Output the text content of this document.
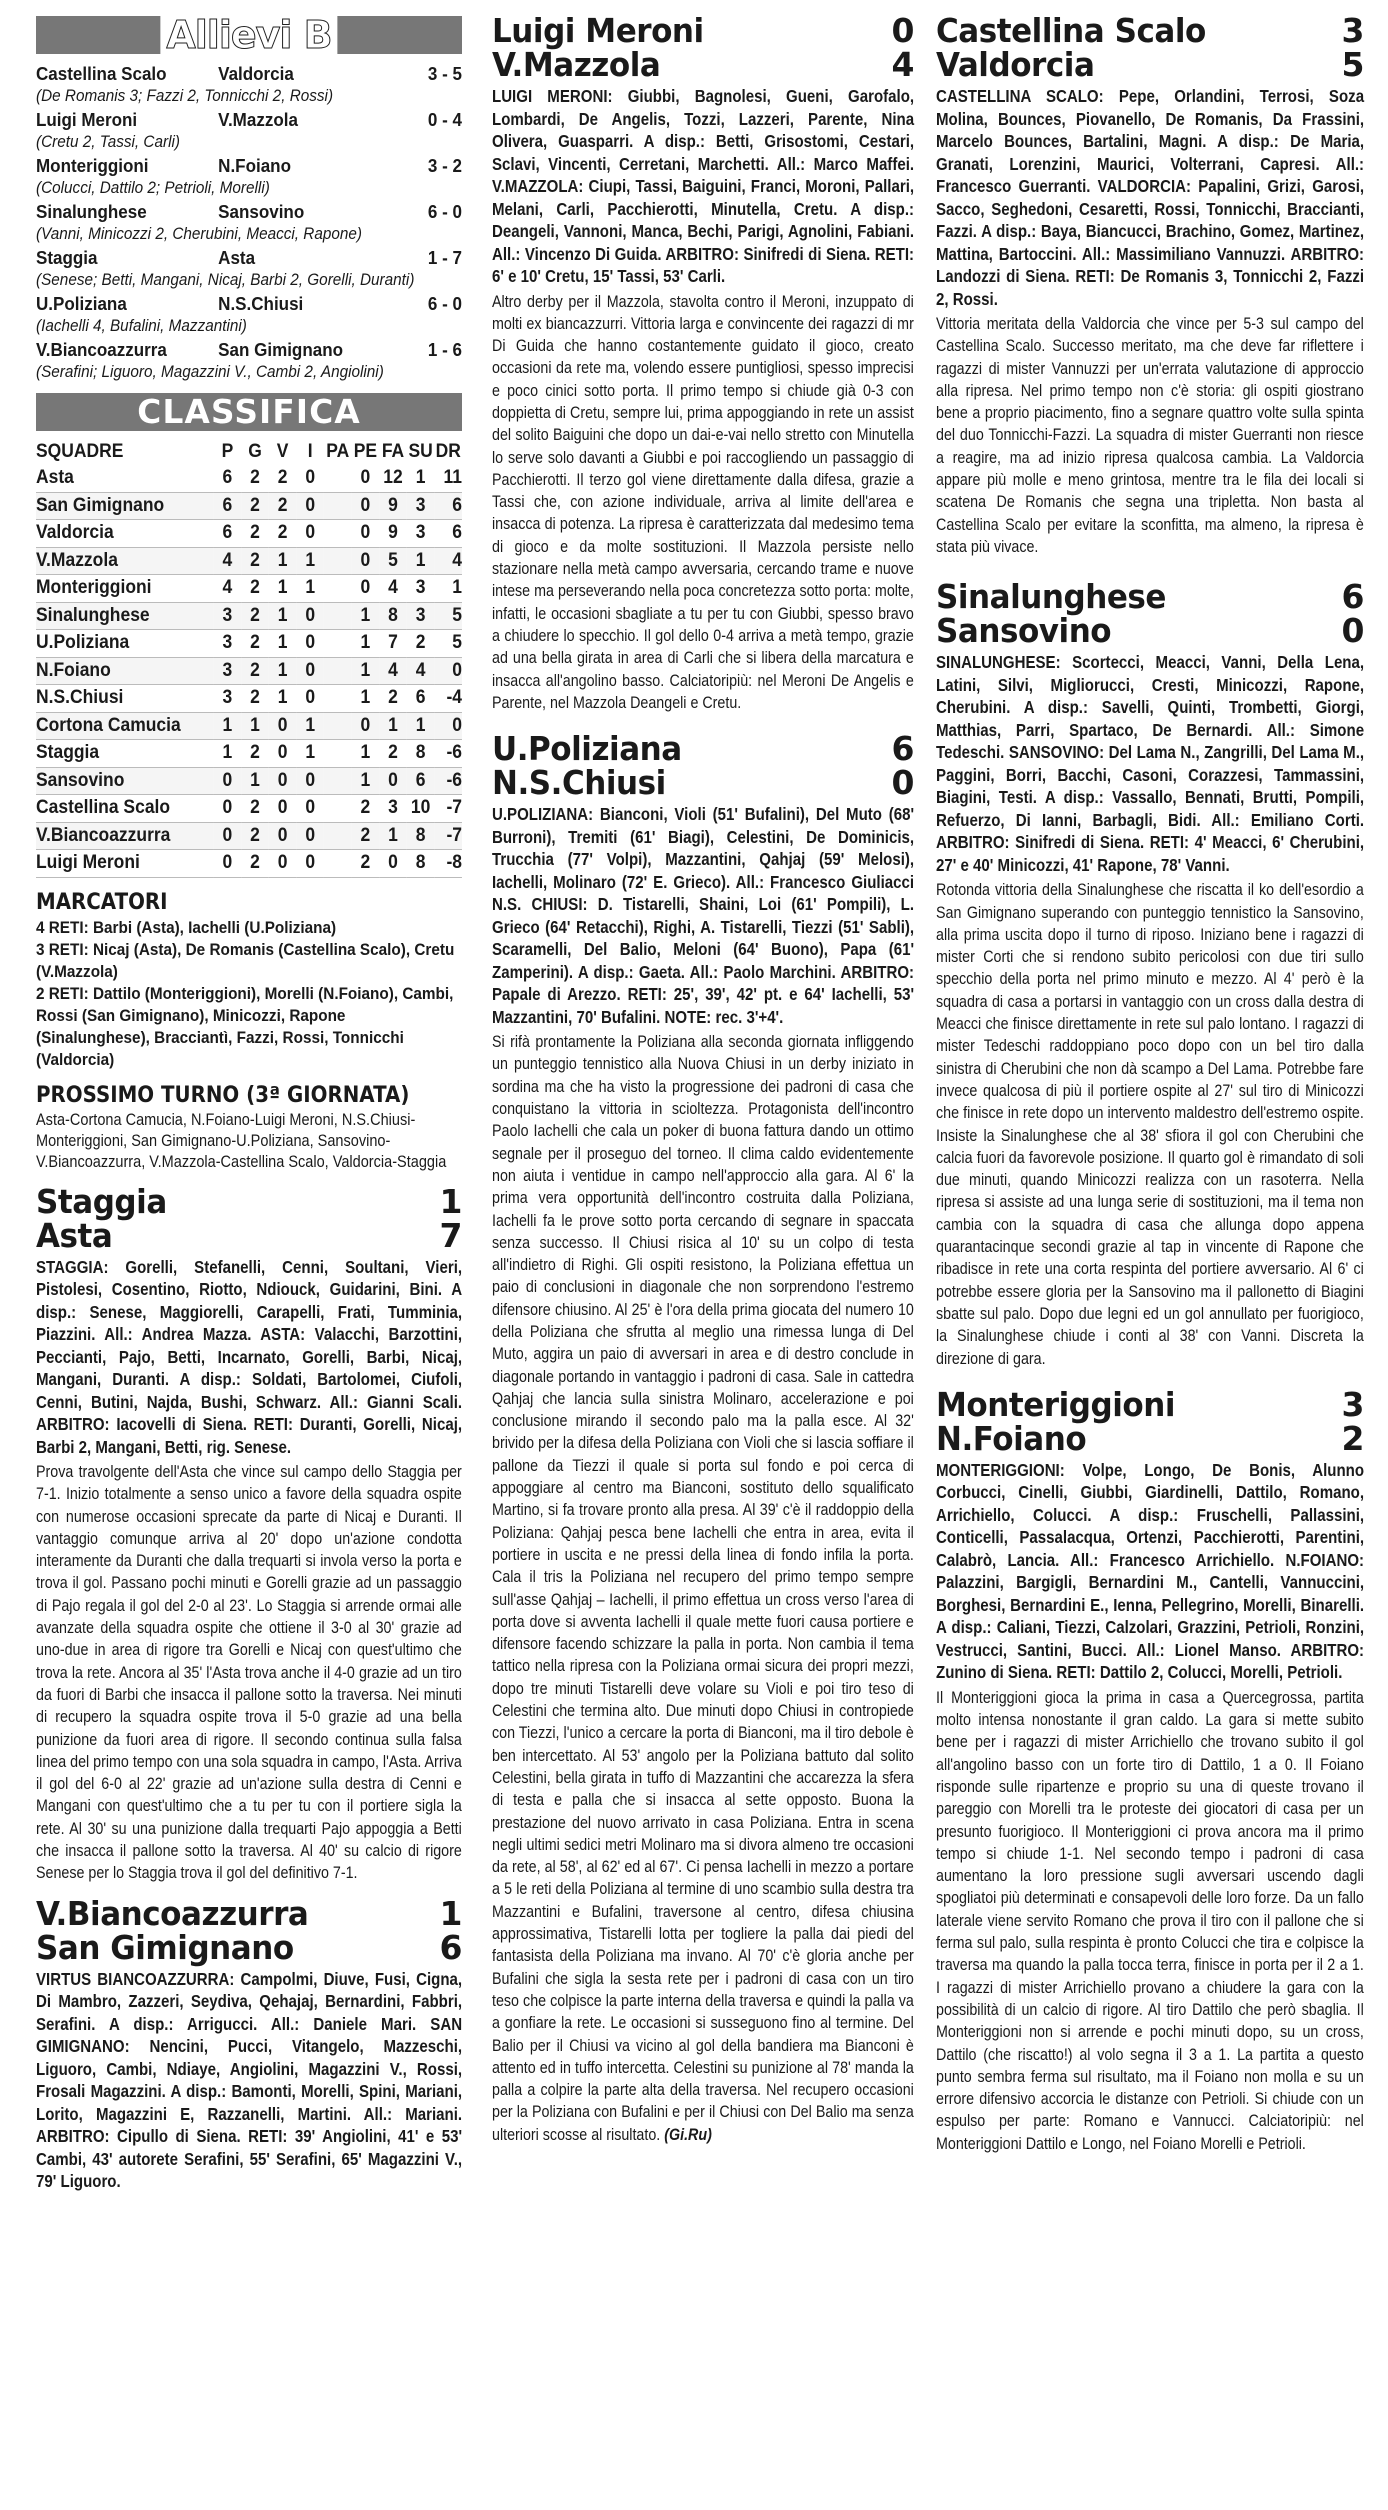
Allievi B
Castellina Scalo	Valdorcia	3 - 5
(De Romanis 3; Fazzi 2, Tonnicchi 2, Rossi)
Luigi Meroni	V.Mazzola	0 - 4
(Cretu 2, Tassi, Carli)
Monteriggioni	N.Foiano	3 - 2
(Colucci, Dattilo 2; Petrioli, Morelli)
Sinalunghese	Sansovino	6 - 0
(Vanni, Minicozzi 2, Cherubini, Meacci, Rapone)
Staggia	Asta	1 - 7
(Senese; Betti, Mangani, Nicaj, Barbi 2, Gorelli, Duranti)
U.Poliziana	N.S.Chiusi	6 - 0
(Iachelli 4, Bufalini, Mazzantini)
V.Biancoazzurra	San Gimignano	1 - 6
(Serafini; Liguoro, Magazzini V., Cambi 2, Angiolini)
CLASSIFICA
SQUADRE	P	G	V	I	PA	PE	FA	SU	DR
Asta	6	2	2	0		0	12	1	11
San Gimignano	6	2	2	0		0	9	3	6
Valdorcia	6	2	2	0		0	9	3	6
V.Mazzola	4	2	1	1		0	5	1	4
Monteriggioni	4	2	1	1		0	4	3	1
Sinalunghese	3	2	1	0		1	8	3	5
U.Poliziana	3	2	1	0		1	7	2	5
N.Foiano	3	2	1	0		1	4	4	0
N.S.Chiusi	3	2	1	0		1	2	6	-4
Cortona Camucia	1	1	0	1		0	1	1	0
Staggia	1	2	0	1		1	2	8	-6
Sansovino	0	1	0	0		1	0	6	-6
Castellina Scalo	0	2	0	0		2	3	10	-7
V.Biancoazzurra	0	2	0	0		2	1	8	-7
Luigi Meroni	0	2	0	0		2	0	8	-8
MARCATORI
4 RETI: Barbi (Asta), Iachelli (U.Poliziana)
3 RETI: Nicaj (Asta), De Romanis (Castellina Scalo), Cretu (V.Mazzola)
2 RETI: Dattilo (Monteriggioni), Morelli (N.Foiano), Cambi, Rossi (San Gimignano), Minicozzi, Rapone (Sinalunghese), Bracciantì, Fazzi, Rossi, Tonnicchi (Valdorcia)
PROSSIMO TURNO (3ª GIORNATA)
Asta-Cortona Camucia, N.Foiano-Luigi Meroni, N.S.Chiusi-Monteriggioni, San Gimignano-U.Poliziana, Sansovino-V.Biancoazzurra, V.Mazzola-Castellina Scalo, Valdorcia-Staggia
Staggia	1
Asta	7
STAGGIA: Gorelli, Stefanelli, Cenni, Soultani, Vieri, Pistolesi, Cosentino, Riotto, Ndiouck, Guidarini, Bini. A disp.: Senese, Maggiorelli, Carapelli, Frati, Tumminia, Piazzini. All.: Andrea Mazza. ASTA: Valacchi, Barzottini, Peccianti, Pajo, Betti, Incarnato, Gorelli, Barbi, Nicaj, Mangani, Duranti. A disp.: Soldati, Bartolomei, Ciufoli, Cenni, Butini, Najda, Bushi, Schwarz. All.: Gianni Scali. ARBITRO: Iacovelli di Siena. RETI: Duranti, Gorelli, Nicaj, Barbi 2, Mangani, Betti, rig. Senese.
Prova travolgente dell'Asta che vince sul campo dello Staggia per 7-1. Inizio totalmente a senso unico a favore della squadra ospite con numerose occasioni sprecate da parte di Nicaj e Duranti. Il vantaggio comunque arriva al 20' dopo un'azione condotta interamente da Duranti che dalla trequarti si invola verso la porta e trova il gol. Passano pochi minuti e Gorelli grazie ad un passaggio di Pajo regala il gol del 2-0 al 23'. Lo Staggia si arrende ormai alle avanzate della squadra ospite che ottiene il 3-0 al 30' grazie ad uno-due in area di rigore tra Gorelli e Nicaj con quest'ultimo che trova la rete. Ancora al 35' l'Asta trova anche il 4-0 grazie ad un tiro da fuori di Barbi che insacca il pallone sotto la traversa. Nei minuti di recupero la squadra ospite trova il 5-0 grazie ad una bella punizione da fuori area di rigore. Il secondo continua sulla falsa linea del primo tempo con una sola squadra in campo, l'Asta. Arriva il gol del 6-0 al 22' grazie ad un'azione sulla destra di Cenni e Mangani con quest'ultimo che a tu per tu con il portiere sigla la rete. Al 30' su una punizione dalla trequarti Pajo appoggia a Betti che insacca il pallone sotto la traversa. Al 40' su calcio di rigore Senese per lo Staggia trova il gol del definitivo 7-1.
V.Biancoazzurra	1
San Gimignano	6
VIRTUS BIANCOAZZURRA: Campolmi, Diuve, Fusi, Cigna, Di Mambro, Zazzeri, Seydiva, Qehajaj, Bernardini, Fabbri, Serafini. A disp.: Arrigucci. All.: Daniele Mari. SAN GIMIGNANO: Nencini, Pucci, Vitangelo, Mazzeschi, Liguoro, Cambi, Ndiaye, Angiolini, Magazzini V., Rossi, Frosali Magazzini. A disp.: Bamonti, Morelli, Spini, Mariani, Lorito, Magazzini E, Razzanelli, Martini. All.: Mariani. ARBITRO: Cipullo di Siena. RETI: 39' Angiolini, 41' e 53' Cambi, 43' autorete Serafini, 55' Serafini, 65' Magazzini V., 79' Liguoro.
Luigi Meroni	0
V.Mazzola	4
LUIGI MERONI: Giubbi, Bagnolesi, Gueni, Garofalo, Lombardi, De Angelis, Tozzi, Lazzeri, Parente, Nina Olivera, Guasparri. A disp.: Betti, Grisostomi, Cestari, Sclavi, Vincenti, Cerretani, Marchetti. All.: Marco Maffei. V.MAZZOLA: Ciupi, Tassi, Baiguini, Franci, Moroni, Pallari, Melani, Carli, Pacchierotti, Minutella, Cretu. A disp.: Deangeli, Vannoni, Manca, Bechi, Parigi, Agnolini, Fabiani. All.: Vincenzo Di Guida. ARBITRO: Sinifredi di Siena. RETI: 6' e 10' Cretu, 15' Tassi, 53' Carli.
Altro derby per il Mazzola, stavolta contro il Meroni, inzuppato di molti ex biancazzurri. Vittoria larga e convincente dei ragazzi di mr Di Guida che hanno costantemente guidato il gioco, creato occasioni da rete ma, volendo essere puntigliosi, spesso imprecisi e poco cinici sotto porta. Il primo tempo si chiude già 0-3 con doppietta di Cretu, sempre lui, prima appoggiando in rete un assist del solito Baiguini che dopo un dai-e-vai nello stretto con Minutella lo serve solo davanti a Giubbi e poi raccogliendo un passaggio di Pacchierotti. Il terzo gol viene direttamente dalla difesa, grazie a Tassi che, con azione individuale, arriva al limite dell'area e insacca di potenza. La ripresa è caratterizzata dal medesimo tema di gioco e da molte sostituzioni. Il Mazzola persiste nello stazionare nella metà campo avversaria, cercando trame e nuove intese ma perseverando nella poca concretezza sotto porta: molte, infatti, le occasioni sbagliate a tu per tu con Giubbi, spesso bravo a chiudere lo specchio. Il gol dello 0-4 arriva a metà tempo, grazie ad una bella girata in area di Carli che si libera della marcatura e insacca all'angolino basso. Calciatoripiù: nel Meroni De Angelis e Parente, nel Mazzola Deangeli e Cretu.
U.Poliziana	6
N.S.Chiusi	0
U.POLIZIANA: Bianconi, Violi (51' Bufalini), Del Muto (68' Burroni), Tremiti (61' Biagi), Celestini, De Dominicis, Trucchia (77' Volpi), Mazzantini, Qahjaj (59' Melosi), Iachelli, Molinaro (72' E. Grieco). All.: Francesco Giuliacci N.S. CHIUSI: D. Tistarelli, Shaini, Loi (61' Pompili), L. Grieco (64' Retacchi), Righi, A. Tistarelli, Tiezzi (51' Sabli), Scaramelli, Del Balio, Meloni (64' Buono), Papa (61' Zamperini). A disp.: Gaeta. All.: Paolo Marchini. ARBITRO: Papale di Arezzo. RETI: 25', 39', 42' pt. e 64' Iachelli, 53' Mazzantini, 70' Bufalini. NOTE: rec. 3'+4'.
Si rifà prontamente la Poliziana alla seconda giornata infliggendo un punteggio tennistico alla Nuova Chiusi in un derby iniziato in sordina ma che ha visto la progressione dei padroni di casa che conquistano la vittoria in scioltezza. Protagonista dell'incontro Paolo Iachelli che cala un poker di buona fattura dando un ottimo segnale per il proseguo del torneo. Il clima caldo evidentemente non aiuta i ventidue in campo nell'approccio alla gara. Al 6' la prima vera opportunità dell'incontro costruita dalla Poliziana, Iachelli fa le prove sotto porta cercando di segnare in spaccata senza successo. Il Chiusi risica al 10' su un colpo di testa all'indietro di Righi. Gli ospiti resistono, la Poliziana effettua un paio di conclusioni in diagonale che non sorprendono l'estremo difensore chiusino. Al 25' è l'ora della prima giocata del numero 10 della Poliziana che sfrutta al meglio una rimessa lunga di Del Muto, aggira un paio di avversari in area e di destro conclude in diagonale portando in vantaggio i padroni di casa. Sale in cattedra Qahjaj che lancia sulla sinistra Molinaro, accelerazione e poi conclusione mirando il secondo palo ma la palla esce. Al 32' brivido per la difesa della Poliziana con Violi che si lascia soffiare il pallone da Tiezzi il quale si porta sul fondo e poi cerca di appoggiare al centro ma Bianconi, sostituto dello squalificato Martino, si fa trovare pronto alla presa. Al 39' c'è il raddoppio della Poliziana: Qahjaj pesca bene Iachelli che entra in area, evita il portiere in uscita e ne pressi della linea di fondo infila la porta. Cala il tris la Poliziana nel recupero del primo tempo sempre sull'asse Qahjaj – Iachelli, il primo effettua un cross verso l'area di porta dove si avventa Iachelli il quale mette fuori causa portiere e difensore facendo schizzare la palla in porta. Non cambia il tema tattico nella ripresa con la Poliziana ormai sicura dei propri mezzi, dopo tre minuti Tistarelli deve volare su Violi e poi tiro teso di Celestini che termina alto. Due minuti dopo Chiusi in contropiede con Tiezzi, l'unico a cercare la porta di Bianconi, ma il tiro debole è ben intercettato. Al 53' angolo per la Poliziana battuto dal solito Celestini, bella girata in tuffo di Mazzantini che accarezza la sfera di testa e palla che si insacca al sette opposto. Buona la prestazione del nuovo arrivato in casa Poliziana. Entra in scena negli ultimi sedici metri Molinaro ma si divora almeno tre occasioni da rete, al 58', al 62' ed al 67'. Ci pensa Iachelli in mezzo a portare a 5 le reti della Poliziana al termine di uno scambio sulla destra tra Mazzantini e Bufalini, traversone al centro, difesa chiusina approssimativa, Tistarelli lotta per togliere la palla dai piedi del fantasista della Poliziana ma invano. Al 70' c'è gloria anche per Bufalini che sigla la sesta rete per i padroni di casa con un tiro teso che colpisce la parte interna della traversa e quindi la palla va a gonfiare la rete. Le occasioni si susseguono fino al termine. Del Balio per il Chiusi va vicino al gol della bandiera ma Bianconi è attento ed in tuffo intercetta. Celestini su punizione al 78' manda la palla a colpire la parte alta della traversa. Nel recupero occasioni per la Poliziana con Bufalini e per il Chiusi con Del Balio ma senza ulteriori scosse al risultato. (Gi.Ru)
Castellina Scalo	3
Valdorcia	5
CASTELLINA SCALO: Pepe, Orlandini, Terrosi, Soza Molina, Bounces, Piovanello, De Romanis, Da Frassini, Marcelo Bounces, Bartalini, Magni. A disp.: De Maria, Granati, Lorenzini, Maurici, Volterrani, Capresi. All.: Francesco Guerranti. VALDORCIA: Papalini, Grizi, Garosi, Sacco, Seghedoni, Cesaretti, Rossi, Tonnicchi, Braccianti, Fazzi. A disp.: Baya, Biancucci, Brachino, Gomez, Martinez, Mattina, Bartoccini. All.: Massimiliano Vannuzzi. ARBITRO: Landozzi di Siena. RETI: De Romanis 3, Tonnicchi 2, Fazzi 2, Rossi.
Vittoria meritata della Valdorcia che vince per 5-3 sul campo del Castellina Scalo. Successo meritato, ma che deve far riflettere i ragazzi di mister Vannuzzi per un'errata valutazione di approccio alla ripresa. Nel primo tempo non c'è storia: gli ospiti giostrano bene a proprio piacimento, fino a segnare quattro volte sulla spinta del duo Tonnicchi-Fazzi. La squadra di mister Guerranti non riesce a reagire, ma ad inizio ripresa qualcosa cambia. La Valdorcia appare più molle e meno grintosa, mentre tra le fila dei locali si scatena De Romanis che segna una tripletta. Non basta al Castellina Scalo per evitare la sconfitta, ma almeno, la ripresa è stata più vivace.
Sinalunghese	6
Sansovino	0
SINALUNGHESE: Scortecci, Meacci, Vanni, Della Lena, Latini, Silvi, Migliorucci, Cresti, Minicozzi, Rapone, Cherubini. A disp.: Savelli, Quinti, Trombetti, Giorgi, Matthias, Parri, Spartaco, De Bernardi. All.: Simone Tedeschi. SANSOVINO: Del Lama N., Zangrilli, Del Lama M., Paggini, Borri, Bacchi, Casoni, Corazzesi, Tammassini, Biagini, Testi. A disp.: Vassallo, Bennati, Brutti, Pompili, Refuerzo, Di Ianni, Barbagli, Bidi. All.: Emiliano Corti. ARBITRO: Sinifredi di Siena. RETI: 4' Meacci, 6' Cherubini, 27' e 40' Minicozzi, 41' Rapone, 78' Vanni.
Rotonda vittoria della Sinalunghese che riscatta il ko dell'esordio a San Gimignano superando con punteggio tennistico la Sansovino, alla prima uscita dopo il turno di riposo. Iniziano bene i ragazzi di mister Corti che si rendono subito pericolosi con due tiri sullo specchio della porta nel primo minuto e mezzo. Al 4' però è la squadra di casa a portarsi in vantaggio con un cross dalla destra di Meacci che finisce direttamente in rete sul palo lontano. I ragazzi di mister Tedeschi raddoppiano poco dopo con un bel tiro dalla sinistra di Cherubini che non dà scampo a Del Lama. Potrebbe fare invece qualcosa di più il portiere ospite al 27' sul tiro di Minicozzi che finisce in rete dopo un intervento maldestro dell'estremo ospite. Insiste la Sinalunghese che al 38' sfiora il gol con Cherubini che calcia fuori da favorevole posizione. Il quarto gol è rimandato di soli due minuti, quando Minicozzi realizza con un rasoterra. Nella ripresa si assiste ad una lunga serie di sostituzioni, ma il tema non cambia con la squadra di casa che allunga dopo appena quarantacinque secondi grazie al tap in vincente di Rapone che ribadisce in rete una corta respinta del portiere avversario. Al 6' ci potrebbe essere gloria per la Sansovino ma il pallonetto di Biagini sbatte sul palo. Dopo due legni ed un gol annullato per fuorigioco, la Sinalunghese chiude i conti al 38' con Vanni. Discreta la direzione di gara.
Monteriggioni	3
N.Foiano	2
MONTERIGGIONI: Volpe, Longo, De Bonis, Alunno Corbucci, Cinelli, Giubbi, Giardinelli, Dattilo, Romano, Arrichiello, Colucci. A disp.: Fruschelli, Pallassini, Conticelli, Passalacqua, Ortenzi, Pacchierotti, Parentini, Calabrò, Lancia. All.: Francesco Arrichiello. N.FOIANO: Palazzini, Bargigli, Bernardini M., Cantelli, Vannuccini, Borghesi, Bernardini E., Ienna, Pellegrino, Morelli, Binarelli. A disp.: Caliani, Tiezzi, Calzolari, Grazzini, Petrioli, Ronzini, Vestrucci, Santini, Bucci. All.: Lionel Manso. ARBITRO: Zunino di Siena. RETI: Dattilo 2, Colucci, Morelli, Petrioli.
Il Monteriggioni gioca la prima in casa a Quercegrossa, partita molto intensa nonostante il gran caldo. La gara si mette subito bene per i ragazzi di mister Arrichiello che trovano subito il gol all'angolino basso con un forte tiro di Dattilo, 1 a 0. Il Foiano risponde sulle ripartenze e proprio su una di queste trovano il pareggio con Morelli tra le proteste dei giocatori di casa per un presunto fuorigioco. Il Monteriggioni ci prova ancora ma il primo tempo si chiude 1-1. Nel secondo tempo i padroni di casa aumentano la loro pressione sugli avversari uscendo dagli spogliatoi più determinati e consapevoli delle loro forze. Da un fallo laterale viene servito Romano che prova il tiro con il pallone che si ferma sul palo, sulla respinta è pronto Colucci che tira e colpisce la traversa ma quando la palla tocca terra, finisce in porta per il 2 a 1. I ragazzi di mister Arrichiello provano a chiudere la gara con la possibilità di un calcio di rigore. Al tiro Dattilo che però sbaglia. Il Monteriggioni non si arrende e pochi minuti dopo, su un cross, Dattilo (che riscatto!) al volo segna il 3 a 1. La partita a questo punto sembra ferma sul risultato, ma il Foiano non molla e su un errore difensivo accorcia le distanze con Petrioli. Si chiude con un espulso per parte: Romano e Vannucci. Calciatoripiù: nel Monteriggioni Dattilo e Longo, nel Foiano Morelli e Petrioli.
